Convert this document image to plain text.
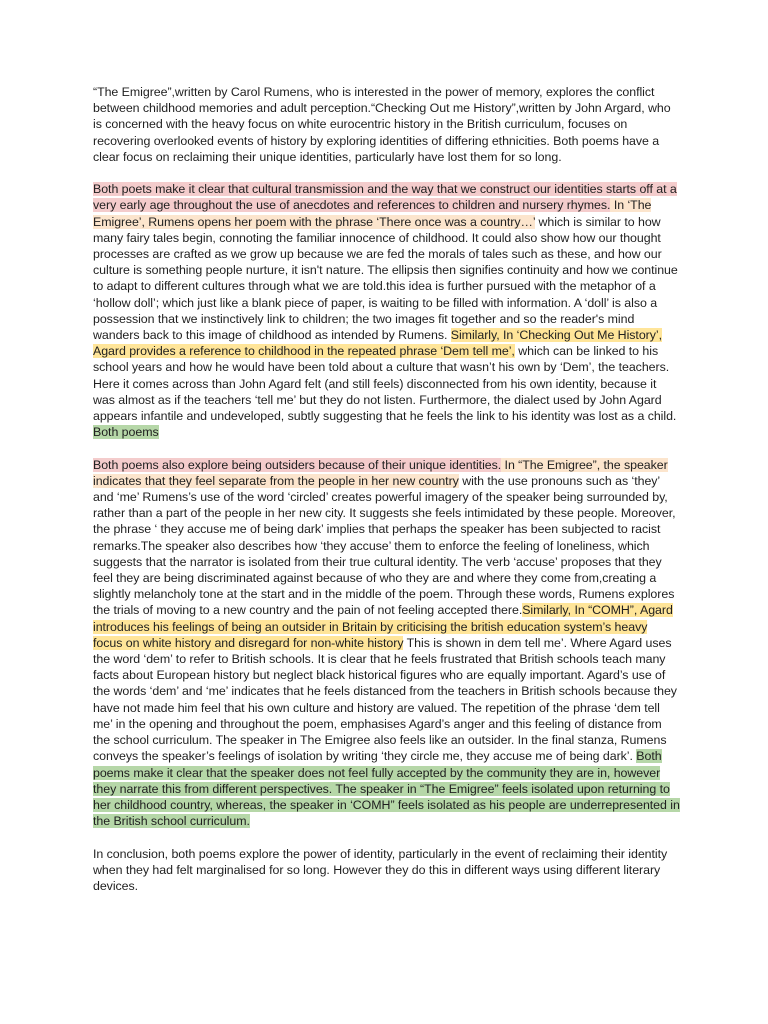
“The Emigree”,written by Carol Rumens, who is interested in the power of memory, explores the conflict between childhood memories and adult perception.“Checking Out me History”,written by John Argard, who is concerned with the heavy focus on white eurocentric history in the British curriculum, focuses on recovering overlooked events of history by exploring identities of differing ethnicities. Both poems have a clear focus on reclaiming their unique identities, particularly have lost them for so long.

Both poets make it clear that cultural transmission and the way that we construct our identities starts off at a very early age throughout the use of anecdotes and references to children and nursery rhymes. In ‘The Emigree’, Rumens opens her poem with the phrase ‘There once was a country…’ which is similar to how many fairy tales begin, connoting the familiar innocence of childhood. It could also show how our thought processes are crafted as we grow up because we are fed the morals of tales such as these, and how our culture is something people nurture, it isn't nature. The ellipsis then signifies continuity and how we continue to adapt to different cultures through what we are told.this idea is further pursued with the metaphor of a ‘hollow doll’; which just like a blank piece of paper, is waiting to be filled with information. A ‘doll’ is also a possession that we instinctively link to children; the two images fit together and so the reader's mind wanders back to this image of childhood as intended by Rumens. Similarly, In ‘Checking Out Me History’, Agard provides a reference to childhood in the repeated phrase ‘Dem tell me’, which can be linked to his school years and how he would have been told about a culture that wasn’t his own by ‘Dem’, the teachers. Here it comes across than John Agard felt (and still feels) disconnected from his own identity, because it was almost as if the teachers ‘tell me’ but they do not listen. Furthermore, the dialect used by John Agard appears infantile and undeveloped, subtly suggesting that he feels the link to his identity was lost as a child. Both poems

Both poems also explore being outsiders because of their unique identities. In “The Emigree”, the speaker indicates that they feel separate from the people in her new country with the use pronouns such as ‘they’ and ‘me’ Rumens’s use of the word ‘circled’ creates powerful imagery of the speaker being surrounded by, rather than a part of the people in her new city. It suggests she feels intimidated by these people. Moreover, the phrase ‘ they accuse me of being dark’ implies that perhaps the speaker has been subjected to racist remarks.The speaker also describes how ‘they accuse’ them to enforce the feeling of loneliness, which suggests that the narrator is isolated from their true cultural identity. The verb ‘accuse’ proposes that they feel they are being discriminated against because of who they are and where they come from,creating a slightly melancholy tone at the start and in the middle of the poem. Through these words, Rumens explores the trials of moving to a new country and the pain of not feeling accepted there.Similarly, In “COMH”, Agard introduces his feelings of being an outsider in Britain by criticising the british education system’s heavy focus on white history and disregard for non-white history This is shown in dem tell me’. Where Agard uses the word ‘dem’ to refer to British schools. It is clear that he feels frustrated that British schools teach many facts about European history but neglect black historical figures who are equally important. Agard’s use of the words ‘dem’ and ‘me’ indicates that he feels distanced from the teachers in British schools because they have not made him feel that his own culture and history are valued. The repetition of the phrase ‘dem tell me’ in the opening and throughout the poem, emphasises Agard’s anger and this feeling of distance from the school curriculum. The speaker in The Emigree also feels like an outsider. In the final stanza, Rumens conveys the speaker’s feelings of isolation by writing ‘they circle me, they accuse me of being dark’. Both poems make it clear that the speaker does not feel fully accepted by the community they are in, however they narrate this from different perspectives. The speaker in “The Emigree” feels isolated upon returning to her childhood country, whereas, the speaker in ‘COMH” feels isolated as his people are underrepresented in the British school curriculum.

In conclusion, both poems explore the power of identity, particularly in the event of reclaiming their identity when they had felt marginalised for so long. However they do this in different ways using different literary devices.
